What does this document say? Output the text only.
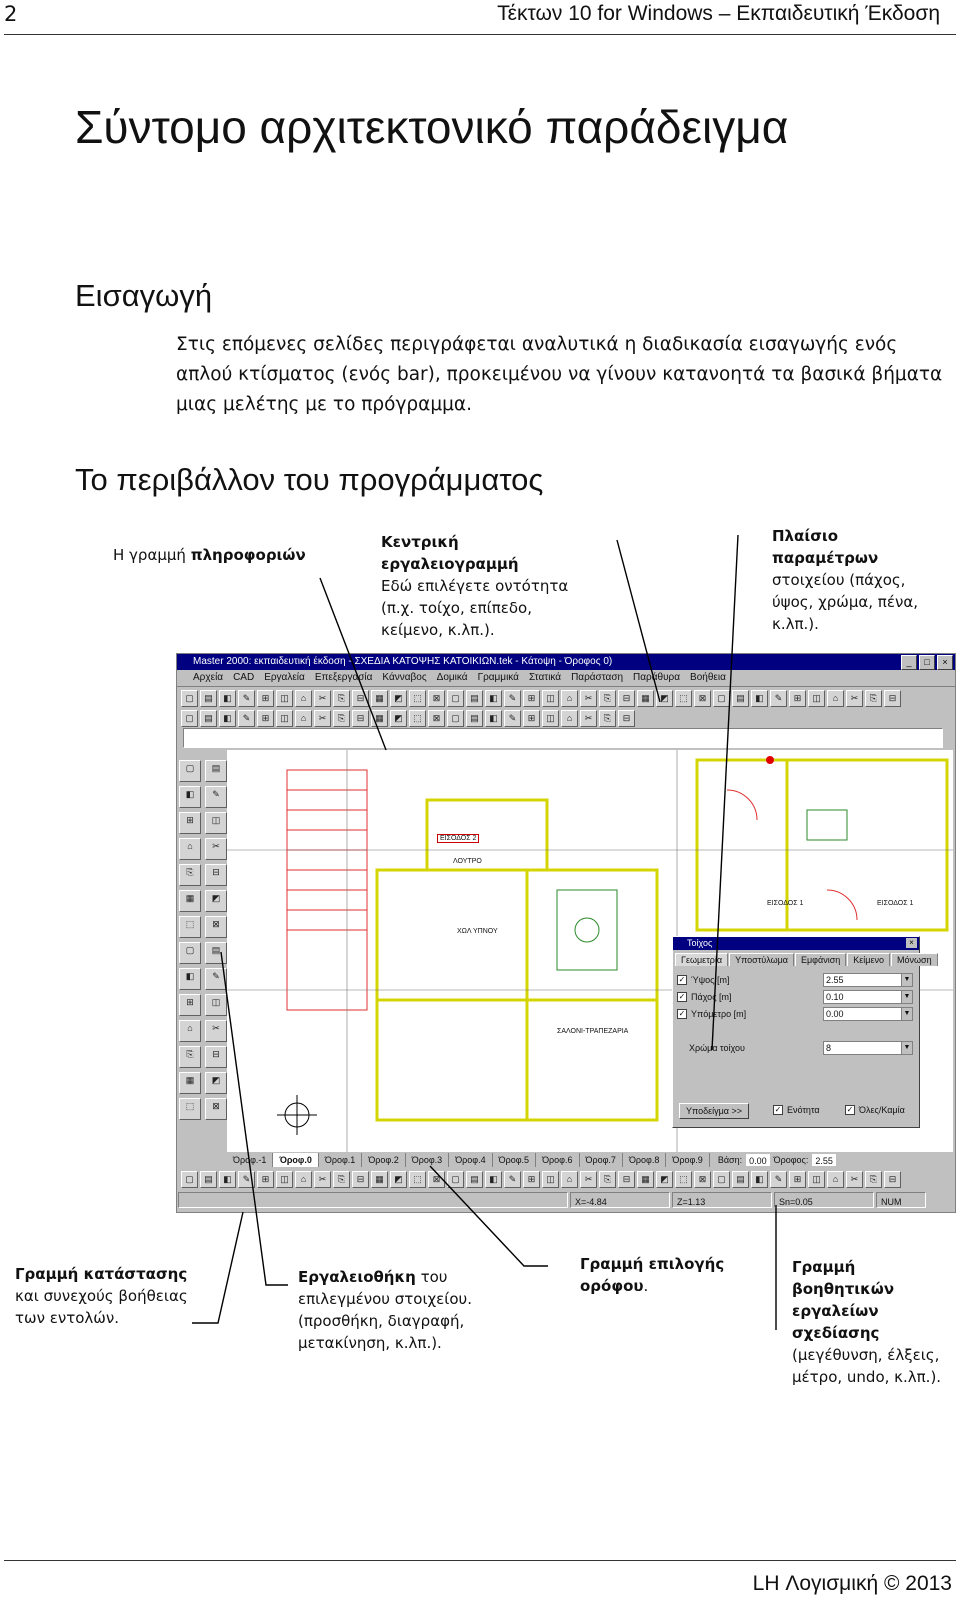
2	Τέκτων 10 for Windows – Εκπαιδευτική Έκδοση
Σύντομο αρχιτεκτονικό παράδειγμα
Εισαγωγή
Στις επόμενες σελίδες περιγράφεται αναλυτικά η διαδικασία εισαγωγής ενός απλού κτίσματος (ενός bar), προκειμένου να γίνουν κατανοητά τα βασικά βήματα μιας μελέτης με το πρόγραμμα.
Το περιβάλλον του προγράμματος
Η γραμμή πληροφοριών
Κεντρική εργαλειογραμμή
Εδώ επιλέγετε οντότητα (π.χ. τοίχο, επίπεδο, κείμενο, κ.λπ.).
Πλαίσιο παραμέτρων
στοιχείου (πάχος, ύψος, χρώμα, πένα, κ.λπ.).
Master 2000: εκπαιδευτική έκδοση - ΣΧΕΔΙΑ ΚΑΤΟΨΗΣ ΚΑΤΟΙΚΙΩΝ.tek - Κάτοψη - Όροφος 0)	_	□	×
Αρχεία CAD Εργαλεία Επεξεργασία Κάνναβος Δομικά Γραμμικά Στατικά Παράσταση Παράθυρα Βοήθεια
▢	▤	◧	✎	⊞	◫	⌂	✂	⎘	⊟	▦	◩	⬚	⊠	▢	▤	◧	✎	⊞	◫	⌂	✂	⎘	⊟	▦	◩	⬚	⊠	▢	▤	◧	✎	⊞	◫	⌂	✂	⎘	⊟
▢	▤	◧	✎	⊞	◫	⌂	✂	⎘	⊟	▦	◩	⬚	⊠	▢	▤	◧	✎	⊞	◫	⌂	✂	⎘	⊟
▢	▤
◧	✎
⊞	◫
⌂	✂
⎘	⊟
▦	◩
⬚	⊠
▢	▤
◧	✎
⊞	◫
⌂	✂
⎘	⊟
▦	◩
⬚	⊠
ΕΙΣΟΔΟΣ 2
ΛΟΥΤΡΟ
ΧΩΛ ΥΠΝΟΥ
ΣΑΛΟΝΙ-ΤΡΑΠΕΖΑΡΙΑ
ΕΙΣΟΔΟΣ 1	ΕΙΣΟΔΟΣ 1
Τοίχος	×
Γεωμετρία	Υποστύλωμα	Εμφάνιση	Κείμενο	Μόνωση
✓ Ύψος [m]	2.55	▼
✓ Πάχος [m]	0.10	▼
✓ Υπόμετρο [m]	0.00	▼
Χρώμα τοίχου	8	▼
Υποδείγμα >>	✓ Ενότητα	✓ Όλες/Καμία
Όροφ.-1	Όροφ.0	Όροφ.1	Όροφ.2	Όροφ.3	Όροφ.4	Όροφ.5	Όροφ.6	Όροφ.7	Όροφ.8	Όροφ.9	Βάση: 0.00 Όροφος: 2.55
▢	▤	◧	✎	⊞	◫	⌂	✂	⎘	⊟	▦	◩	⬚	⊠	▢	▤	◧	✎	⊞	◫	⌂	✂	⎘	⊟	▦	◩	⬚	⊠	▢	▤	◧	✎	⊞	◫	⌂	✂	⎘	⊟
X=-4.84	Z=1.13	Sn=0.05	NUM
Γραμμή κατάστασης
και συνεχούς βοήθειας των εντολών.
Εργαλειοθήκη του επιλεγμένου στοιχείου. (προσθήκη, διαγραφή, μετακίνηση, κ.λπ.).
Γραμμή επιλογής ορόφου.
Γραμμή βοηθητικών εργαλείων σχεδίασης
(μεγέθυνση, έλξεις, μέτρο, undo, κ.λπ.).
LH Λογισμική © 2013
